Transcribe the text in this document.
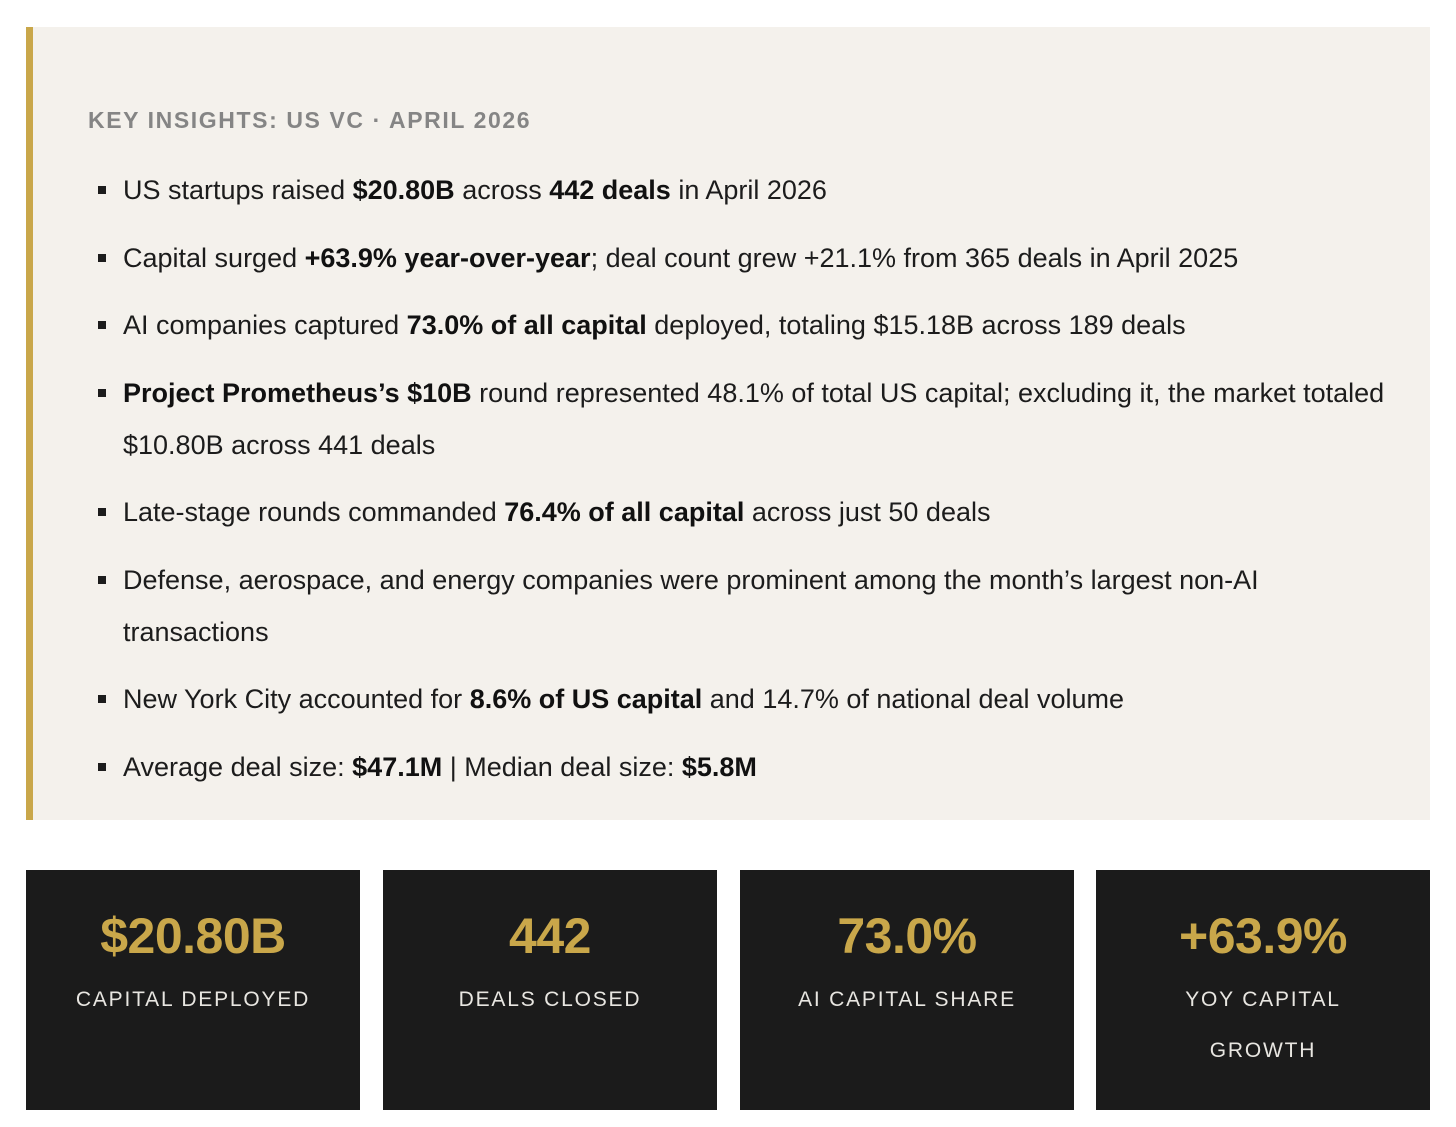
KEY INSIGHTS: US VC · APRIL 2026
US startups raised $20.80B across 442 deals in April 2026
Capital surged +63.9% year-over-year; deal count grew +21.1% from 365 deals in April 2025
AI companies captured 73.0% of all capital deployed, totaling $15.18B across 189 deals
Project Prometheus’s $10B round represented 48.1% of total US capital; excluding it, the market totaled $10.80B across 441 deals
Late-stage rounds commanded 76.4% of all capital across just 50 deals
Defense, aerospace, and energy companies were prominent among the month’s largest non-AI transactions
New York City accounted for 8.6% of US capital and 14.7% of national deal volume
Average deal size: $47.1M | Median deal size: $5.8M
$20.80B
CAPITAL DEPLOYED
442
DEALS CLOSED
73.0%
AI CAPITAL SHARE
+63.9%
YOY CAPITAL GROWTH
